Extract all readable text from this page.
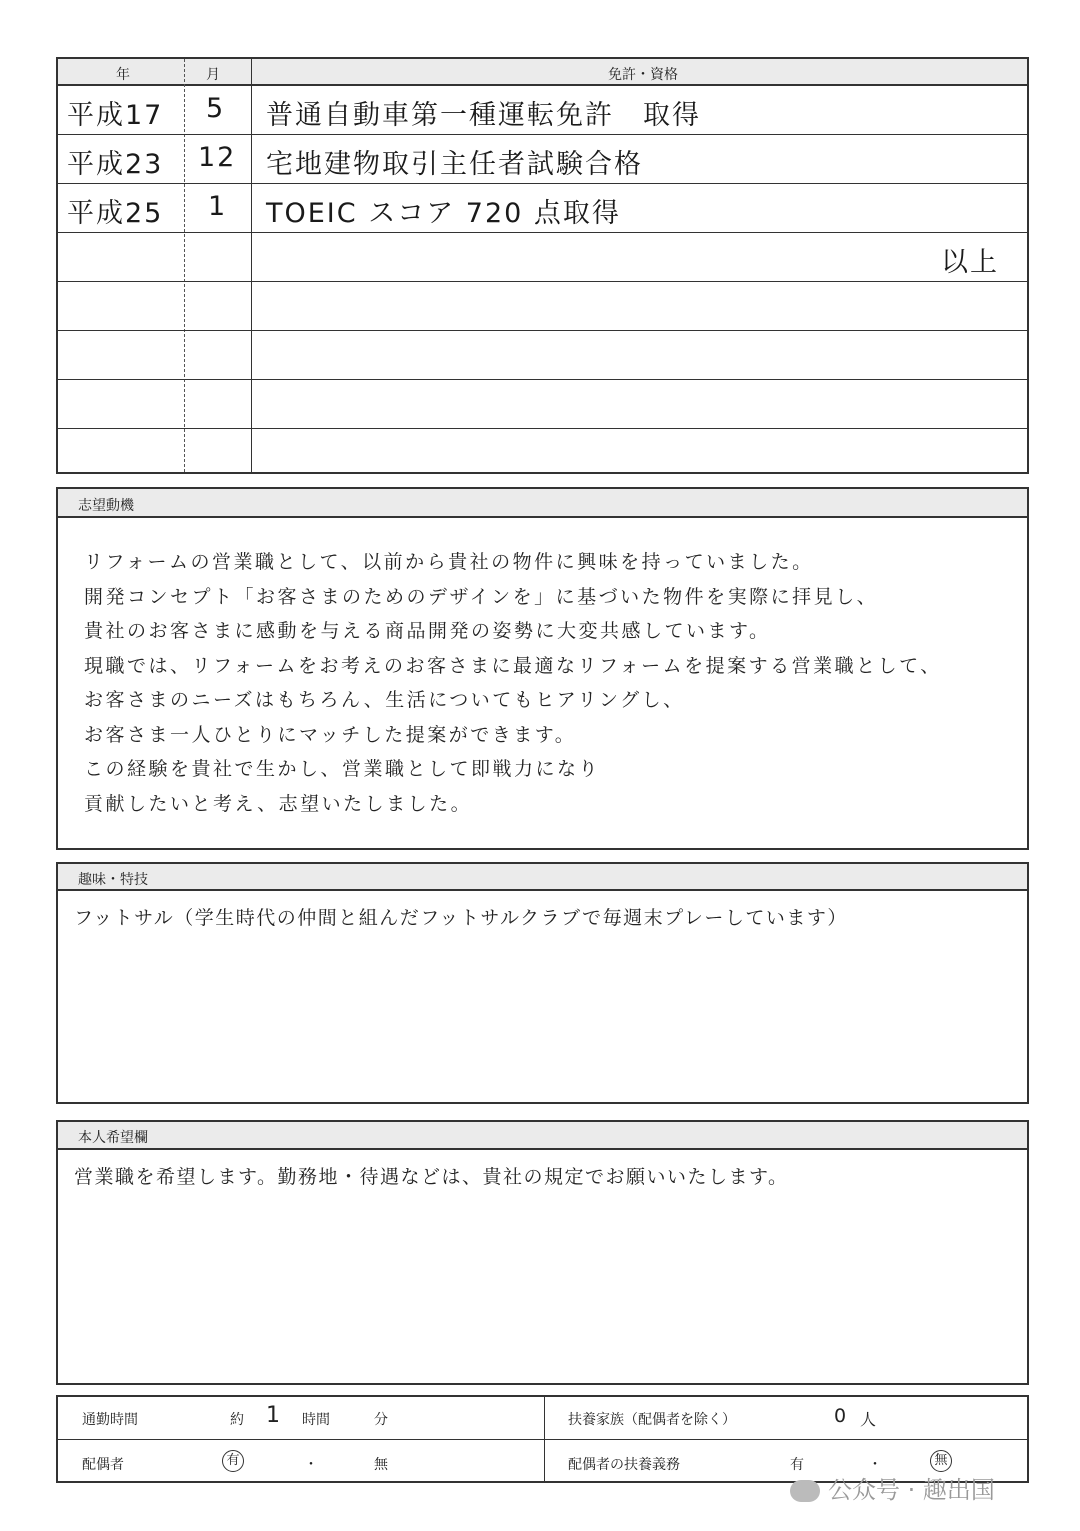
年	月	免許・資格
平成17 5 普通自動車第一種運転免許　取得
平成23 12 宅地建物取引主任者試験合格
平成25 1 TOEIC スコア 720 点取得
以上
志望動機
リフォームの営業職として、以前から貴社の物件に興味を持っていました。
開発コンセプト「お客さまのためのデザインを」に基づいた物件を実際に拝見し、
貴社のお客さまに感動を与える商品開発の姿勢に大変共感しています。
現職では、リフォームをお考えのお客さまに最適なリフォームを提案する営業職として、
お客さまのニーズはもちろん、生活についてもヒアリングし、
お客さま一人ひとりにマッチした提案ができます。
この経験を貴社で生かし、営業職として即戦力になり
貢献したいと考え、志望いたしました。
趣味・特技
フットサル（学生時代の仲間と組んだフットサルクラブで毎週末プレーしています）
本人希望欄
営業職を希望します。勤務地・待遇などは、貴社の規定でお願いいたします。
通勤時間	約 1 時間	分	扶養家族（配偶者を除く）	0 人
配偶者	有	・	無	配偶者の扶養義務	有	・	無
公众号 · 趣出国
